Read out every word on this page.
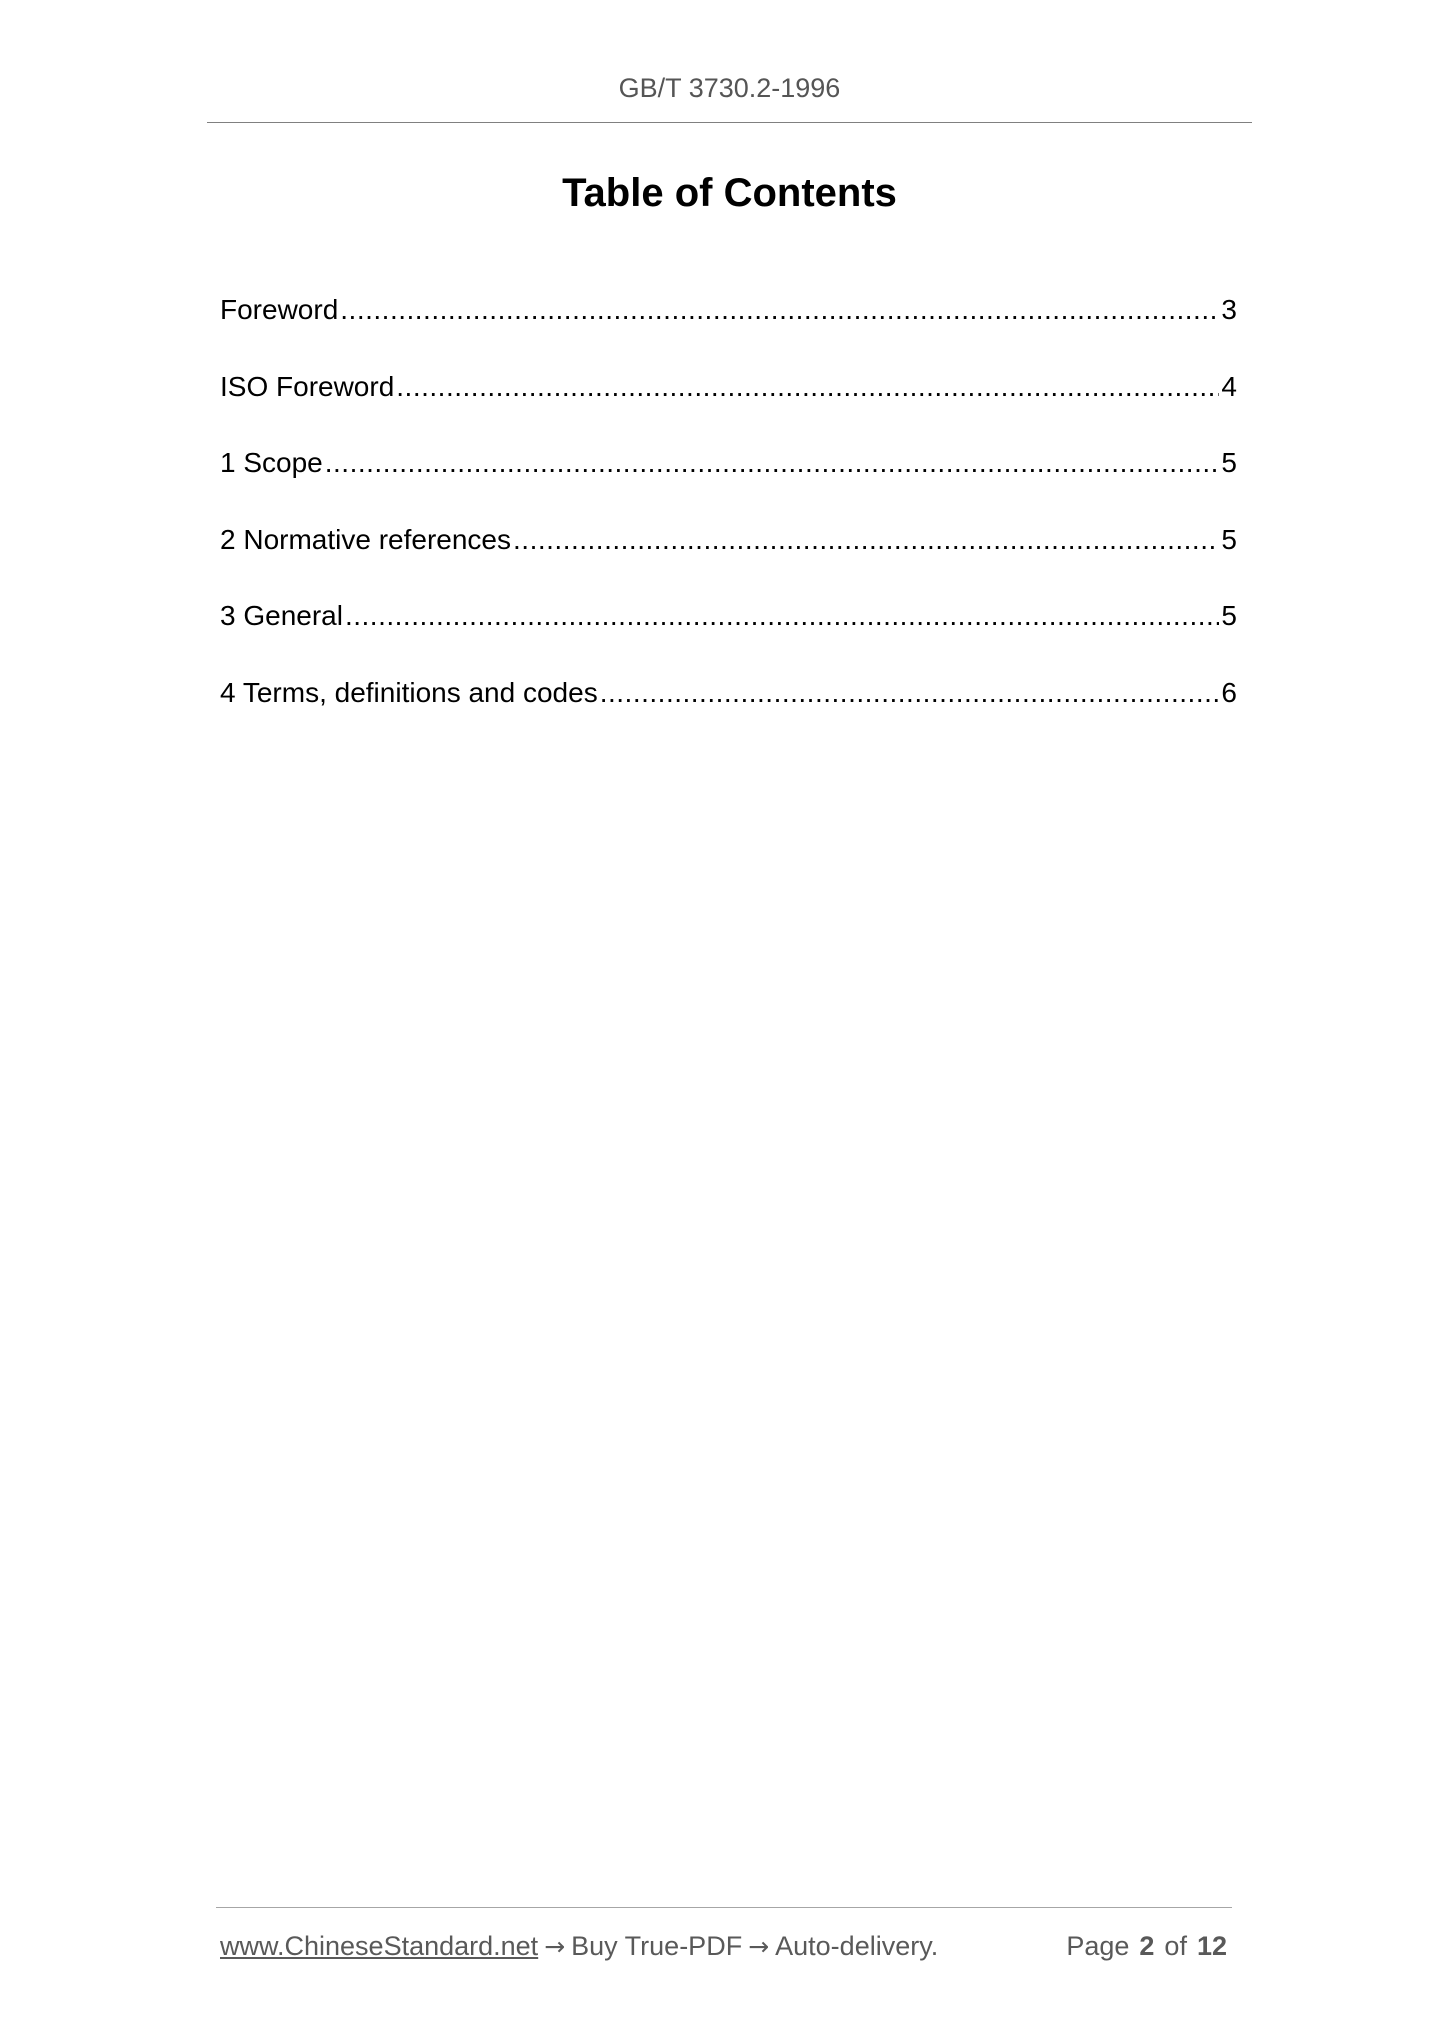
GB/T 3730.2-1996
Table of Contents
Foreword .....	3
ISO Foreword .....	4
1 Scope .....	5
2 Normative references .....	5
3 General .....	5
4 Terms, definitions and codes .....	6
www.ChineseStandard.net → Buy True-PDF → Auto-delivery.	Page 2 of 12
